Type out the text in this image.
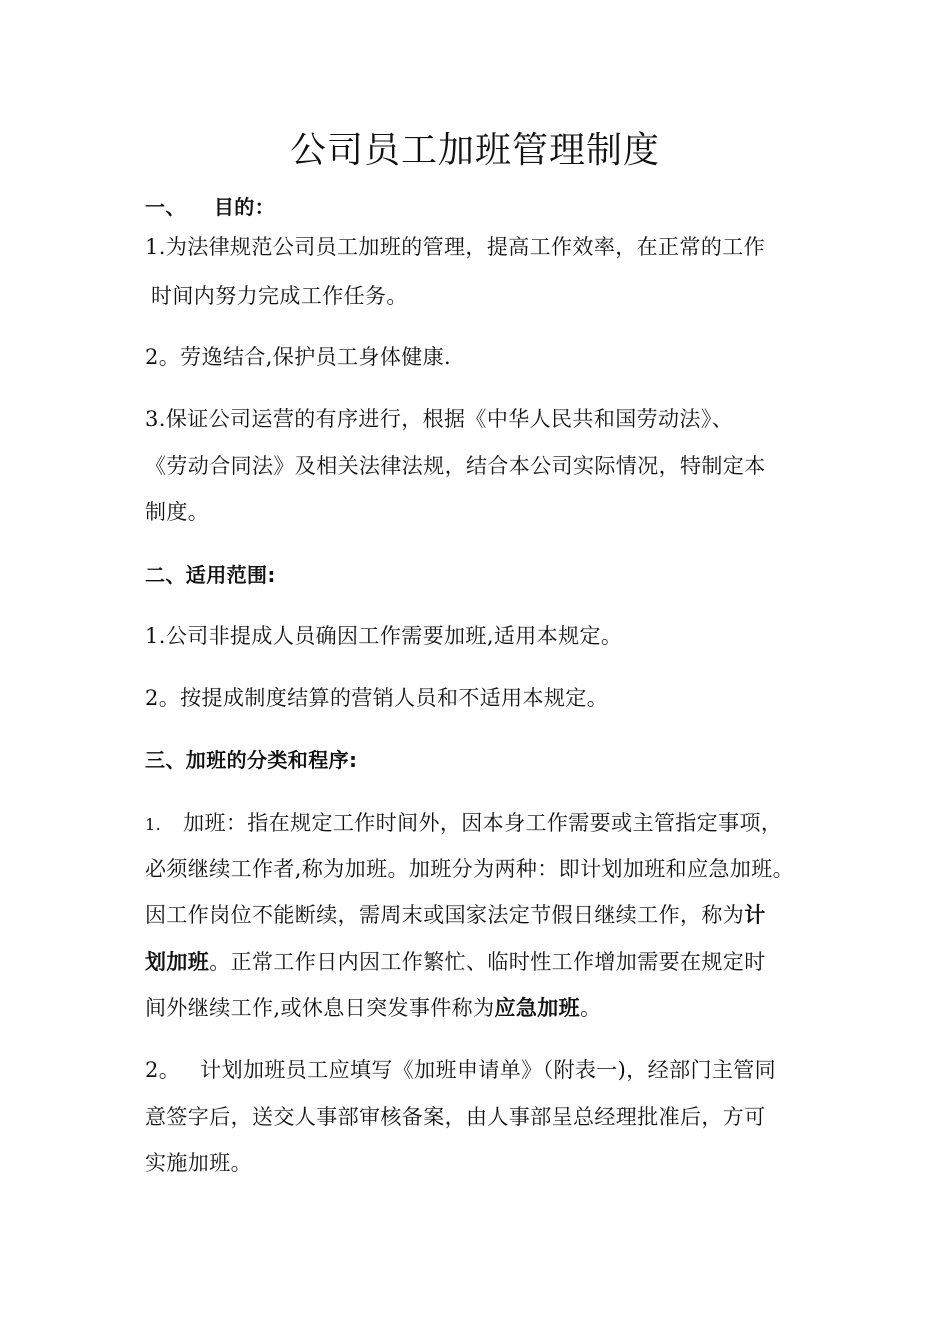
公司员工加班管理制度
一、 目的：
1.为法律规范公司员工加班的管理，提高工作效率，在正常的工作
时间内努力完成工作任务。
2。劳逸结合,保护员工身体健康.
3.保证公司运营的有序进行，根据《中华人民共和国劳动法》、
《劳动合同法》及相关法律法规，结合本公司实际情况，特制定本
制度。
二、适用范围:
1.公司非提成人员确因工作需要加班,适用本规定。
2。按提成制度结算的营销人员和不适用本规定。
三、加班的分类和程序:
1. 加班：指在规定工作时间外，因本身工作需要或主管指定事项，
必须继续工作者,称为加班。加班分为两种：即计划加班和应急加班。
因工作岗位不能断续，需周末或国家法定节假日继续工作，称为计
划加班。正常工作日内因工作繁忙、临时性工作增加需要在规定时
间外继续工作,或休息日突发事件称为应急加班。
2。 计划加班员工应填写《加班申请单》（附表一)，经部门主管同
意签字后，送交人事部审核备案，由人事部呈总经理批准后，方可
实施加班。
